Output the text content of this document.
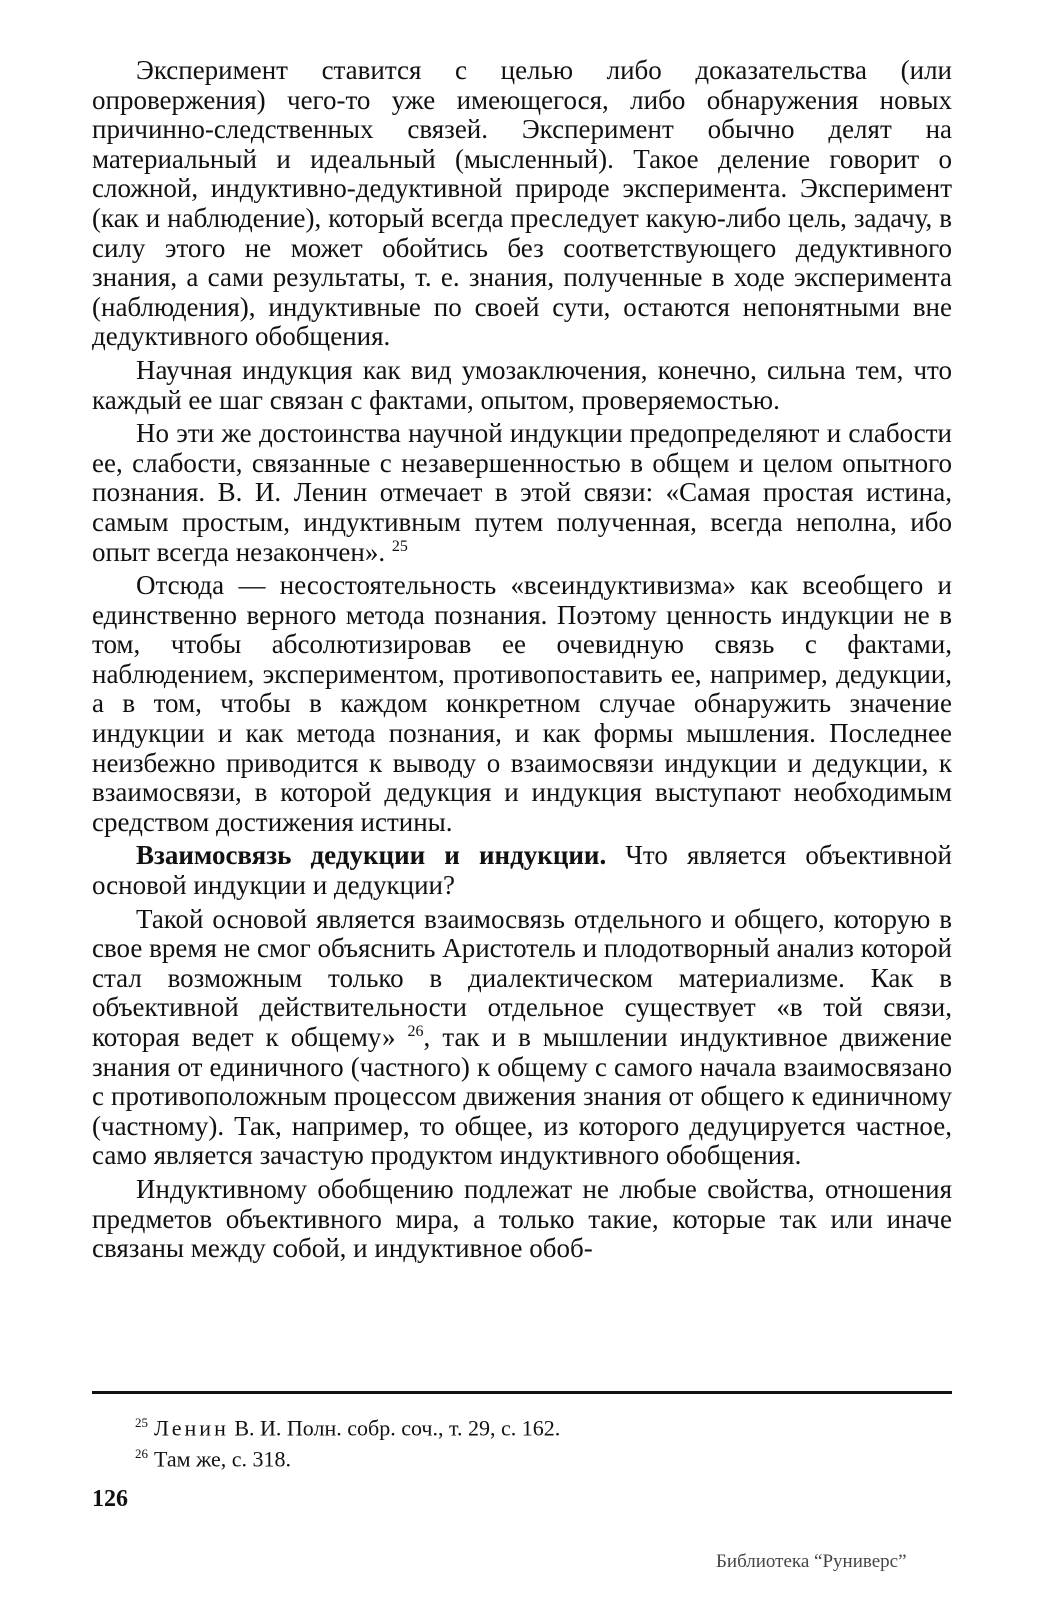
Эксперимент ставится с целью либо доказательства (или опровержения) чего-то уже имеющегося, либо обнаружения новых причинно-следственных связей. Эксперимент обычно делят на материальный и идеальный (мысленный). Такое деление говорит о сложной, индуктивно-дедуктивной природе эксперимента. Эксперимент (как и наблюдение), который всегда преследует какую-либо цель, задачу, в силу этого не может обойтись без соответствующего дедуктивного знания, а сами результаты, т. е. знания, полученные в ходе эксперимента (наблюдения), индуктивные по своей сути, остаются непонятными вне дедуктивного обобщения.

Научная индукция как вид умозаключения, конечно, сильна тем, что каждый ее шаг связан с фактами, опытом, проверяемостью.

Но эти же достоинства научной индукции предопределяют и слабости ее, слабости, связанные с незавершенностью в общем и целом опытного познания. В. И. Ленин отмечает в этой связи: «Самая простая истина, самым простым, индуктивным путем полученная, всегда неполна, ибо опыт всегда незакончен». $^{25}$

Отсюда — несостоятельность «всеиндуктивизма» как всеобщего и единственно верного метода познания. Поэтому ценность индукции не в том, чтобы абсолютизировав ее очевидную связь с фактами, наблюдением, экспериментом, противопоставить ее, например, дедукции, а в том, чтобы в каждом конкретном случае обнаружить значение индукции и как метода познания, и как формы мышления. Последнее неизбежно приводится к выводу о взаимосвязи индукции и дедукции, к взаимосвязи, в которой дедукция и индукция выступают необходимым средством достижения истины.

Взаимосвязь дедукции и индукции. Что является объективной основой индукции и дедукции?

Такой основой является взаимосвязь отдельного и общего, которую в свое время не смог объяснить Аристотель и плодотворный анализ которой стал возможным только в диалектическом материализме. Как в объективной действительности отдельное существует «в той связи, которая ведет к общему» $^{26}$, так и в мышлении индуктивное движение знания от единичного (частного) к общему с самого начала взаимосвязано с противоположным процессом движения знания от общего к единичному (частному). Так, например, то общее, из которого дедуцируется частное, само является зачастую продуктом индуктивного обобщения.

Индуктивному обобщению подлежат не любые свойства, отношения предметов объективного мира, а только такие, которые так или иначе связаны между собой, и индуктивное обоб-

$^{25}$ Ленин В. И. Полн. собр. соч., т. 29, с. 162.

$^{26}$ Там же, с. 318.

126
Библиотека “Руниверс”
